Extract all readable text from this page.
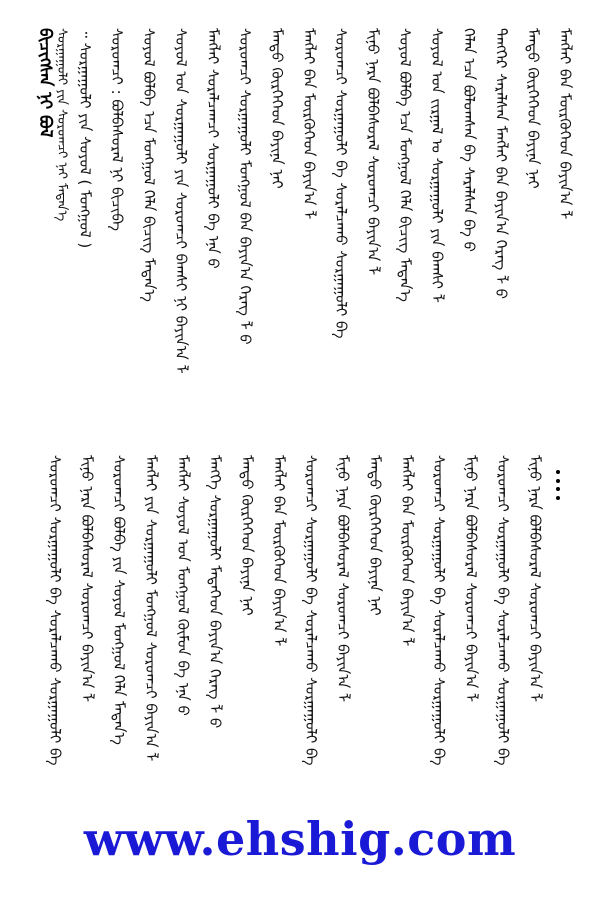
ᠪᠢᠴᠢᠭᠰᠡᠨ ᠨᠢ ᠪᠤᠯ	ᠮᠠᠩᠯᠠᠢ ᠪᠡᠨ ᠮᠦᠷᠭᠦᠭᠡᠳ ᠪᠠᠶᠢᠨ᠎ᠠ ᠯ
ᠮᠡᠨᠳᠦ ᠬᠦᠷᠭᠡᠭᠡᠳ ᠪᠠᠶᠢᠨᠠ ᠨᠠᠢ
ᠲᠡᠩᠭᠡᠷ ᠰᠠᠷᠠᠯᠰᠠᠨ ᠮᠠᠩᠯᠠᠢ ᠪᠡᠨ ᠪᠠᠶᠢᠨ᠎ᠠ ᠬᠡᠷᠡᠭ ᠯ ᠪ
ᠬᠡᠯᠡᠨ ᠡᠴᠡ ᠪᠣᠯᠣᠭᠰᠠᠨ ᠪᠡ ᠰᠠᠷᠠᠯᠰᠠᠨ ᠪᠡ ᠪ
ᠰᠣᠶᠣᠯ ᠤᠨ ᠵᠢᠷᠭᠠᠯ ᠤ ᠰᠤᠷᠭᠠᠭᠤᠯᠢ ᠶᠢᠨ ᠪᠠᠭᠰᠢ ᠯ
ᠰᠣᠶᠣᠯ ᠪᠣᠯᠪᠠ ᠡᠴᠡ ᠮᠣᠩᠭᠣᠯ ᠬᠡᠯᠡ ᠪᠢᠴᠢᠭ ᠮᠡᠳᠡᠨ᠎ᠡ
ᠮᠢᠨᠦ ᠨᠡᠷᠡ ᠪᠣᠯᠪᠠᠰᠤᠷᠠᠯ ᠰᠤᠷᠤᠭᠴᠢ ᠪᠠᠶᠢᠨ᠎ᠠ ᠯ
ᠰᠤᠷᠤᠭᠴᠢ ᠰᠤᠷᠭᠠᠭᠤᠯᠢ ᠪᠠ ᠰᠤᠷᠠᠯᠴᠠᠬᠤ ᠰᠤᠷᠭᠠᠭᠤᠯᠢ ᠪᠠ
ᠮᠠᠩᠯᠠᠢ ᠪᠡᠨ ᠮᠦᠷᠭᠦᠭᠡᠳ ᠪᠠᠶᠢᠨ᠎ᠠ ᠯ
ᠮᠡᠨᠳᠦ ᠬᠦᠷᠭᠡᠭᠡᠳ ᠪᠠᠶᠢᠨᠠ ᠨᠠᠢ
ᠰᠤᠷᠤᠭᠴᠢ ᠰᠤᠷᠭᠠᠭᠤᠯᠢ ᠮᠣᠩᠭᠣᠯ ᠪᠡᠨ ᠪᠠᠶᠢᠨ᠎ᠠ ᠬᠡᠷᠡᠭ ᠯ ᠪ
ᠮᠠᠩᠯᠠᠢ ᠰᠤᠷᠠᠯᠴᠠᠭᠴᠢ ᠰᠤᠷᠭᠠᠭᠤᠯᠢ ᠪᠠ ᠡᠨᠡ ᠪ
ᠰᠣᠶᠣᠯ ᠤᠨ ᠰᠤᠷᠭᠠᠭᠤᠯᠢ ᠶᠢᠨ ᠰᠤᠷᠤᠭᠴᠢ ᠪᠠᠭᠰᠢ ᠨᠢ ᠪᠠᠶᠢᠨ᠎ᠠ ᠯ
ᠰᠣᠶᠣᠯ ᠪᠣᠯᠪᠠ ᠡᠴᠡ ᠮᠣᠩᠭᠣᠯ ᠬᠡᠯᠡ ᠪᠢᠴᠢᠭ ᠮᠡᠳᠡᠨ᠎ᠡ
ᠰᠤᠷᠤᠭᠴᠢ : ᠪᠣᠯᠪᠠᠰᠤᠷᠠᠯ ᠨᠢ ᠪᠢᠴᠢᠪᠡ
᠃ ᠰᠤᠷᠭᠠᠭᠤᠯᠢ ᠶᠢᠨ ᠰᠣᠶᠣᠯ ( ᠮᠣᠩᠭᠣᠯ )
ᠰᠤᠷᠭᠠᠭᠤᠯᠢ ᠶᠢᠨ ᠰᠤᠷᠤᠭᠴᠢ ᠨᠠᠢ ᠮᠡᠳᠡᠨ᠎ᠡ
ᠮᠢᠨᠦ ᠨᠡᠷᠡ ᠪᠣᠯᠪᠠᠰᠤᠷᠠᠯ ᠰᠤᠷᠤᠭᠴᠢ ᠪᠠᠶᠢᠨ᠎ᠠ ᠯ
ᠰᠤᠷᠤᠭᠴᠢ ᠰᠤᠷᠭᠠᠭᠤᠯᠢ ᠪᠠ ᠰᠤᠷᠠᠯᠴᠠᠬᠤ ᠰᠤᠷᠭᠠᠭᠤᠯᠢ ᠪᠠ
ᠮᠢᠨᠦ ᠨᠡᠷᠡ ᠪᠣᠯᠪᠠᠰᠤᠷᠠᠯ ᠰᠤᠷᠤᠭᠴᠢ ᠪᠠᠶᠢᠨ᠎ᠠ ᠯ
ᠰᠤᠷᠤᠭᠴᠢ ᠰᠤᠷᠭᠠᠭᠤᠯᠢ ᠪᠠ ᠰᠤᠷᠠᠯᠴᠠᠬᠤ ᠰᠤᠷᠭᠠᠭᠤᠯᠢ ᠪᠠ
ᠮᠠᠩᠯᠠᠢ ᠪᠡᠨ ᠮᠦᠷᠭᠦᠭᠡᠳ ᠪᠠᠶᠢᠨ᠎ᠠ ᠯ
ᠮᠡᠨᠳᠦ ᠬᠦᠷᠭᠡᠭᠡᠳ ᠪᠠᠶᠢᠨᠠ ᠨᠠᠢ
ᠮᠢᠨᠦ ᠨᠡᠷᠡ ᠪᠣᠯᠪᠠᠰᠤᠷᠠᠯ ᠰᠤᠷᠤᠭᠴᠢ ᠪᠠᠶᠢᠨ᠎ᠠ ᠯ
ᠰᠤᠷᠤᠭᠴᠢ ᠰᠤᠷᠭᠠᠭᠤᠯᠢ ᠪᠠ ᠰᠤᠷᠠᠯᠴᠠᠬᠤ ᠰᠤᠷᠭᠠᠭᠤᠯᠢ ᠪᠠ
ᠮᠠᠩᠯᠠᠢ ᠪᠡᠨ ᠮᠦᠷᠭᠦᠭᠡᠳ ᠪᠠᠶᠢᠨ᠎ᠠ ᠯ
ᠮᠡᠨᠳᠦ ᠬᠦᠷᠭᠡᠭᠡᠳ ᠪᠠᠶᠢᠨᠠ ᠨᠠᠢ
ᠮᠡᠩᠬᠡ ᠰᠤᠷᠭᠠᠭᠤᠯᠢ ᠮᠡᠳᠡᠭᠡᠳ ᠪᠠᠶᠢᠨ᠎ᠠ ᠬᠡᠷᠡᠭ ᠯ ᠪ
ᠮᠠᠩᠯᠠᠢ ᠰᠣᠶᠣᠯ ᠤᠨ ᠮᠣᠩᠭᠣᠯ ᠬᠦᠮᠦᠨ ᠪᠠ ᠡᠨᠡ ᠪ
ᠮᠠᠩᠯᠠᠢ ᠶᠢᠨ ᠰᠤᠷᠭᠠᠭᠤᠯᠢ ᠮᠣᠩᠭᠣᠯ ᠰᠤᠷᠤᠭᠴᠢ ᠪᠠᠶᠢᠨ᠎ᠠ ᠯ
ᠰᠤᠷᠤᠭᠴᠢ ᠪᠣᠯᠪᠠ ᠶᠢᠨ ᠰᠣᠶᠣᠯ ᠮᠣᠩᠭᠣᠯ ᠬᠡᠯᠡ ᠮᠡᠳᠡᠨ᠎ᠡ
ᠮᠢᠨᠦ ᠨᠡᠷᠡ ᠪᠣᠯᠪᠠᠰᠤᠷᠠᠯ ᠰᠤᠷᠤᠭᠴᠢ ᠪᠠᠶᠢᠨ᠎ᠠ ᠯ
ᠰᠤᠷᠤᠭᠴᠢ ᠰᠤᠷᠭᠠᠭᠤᠯᠢ ᠪᠠ ᠰᠤᠷᠠᠯᠴᠠᠬᠤ ᠰᠤᠷᠭᠠᠭᠤᠯᠢ ᠪᠠ
www.ehshig.com
